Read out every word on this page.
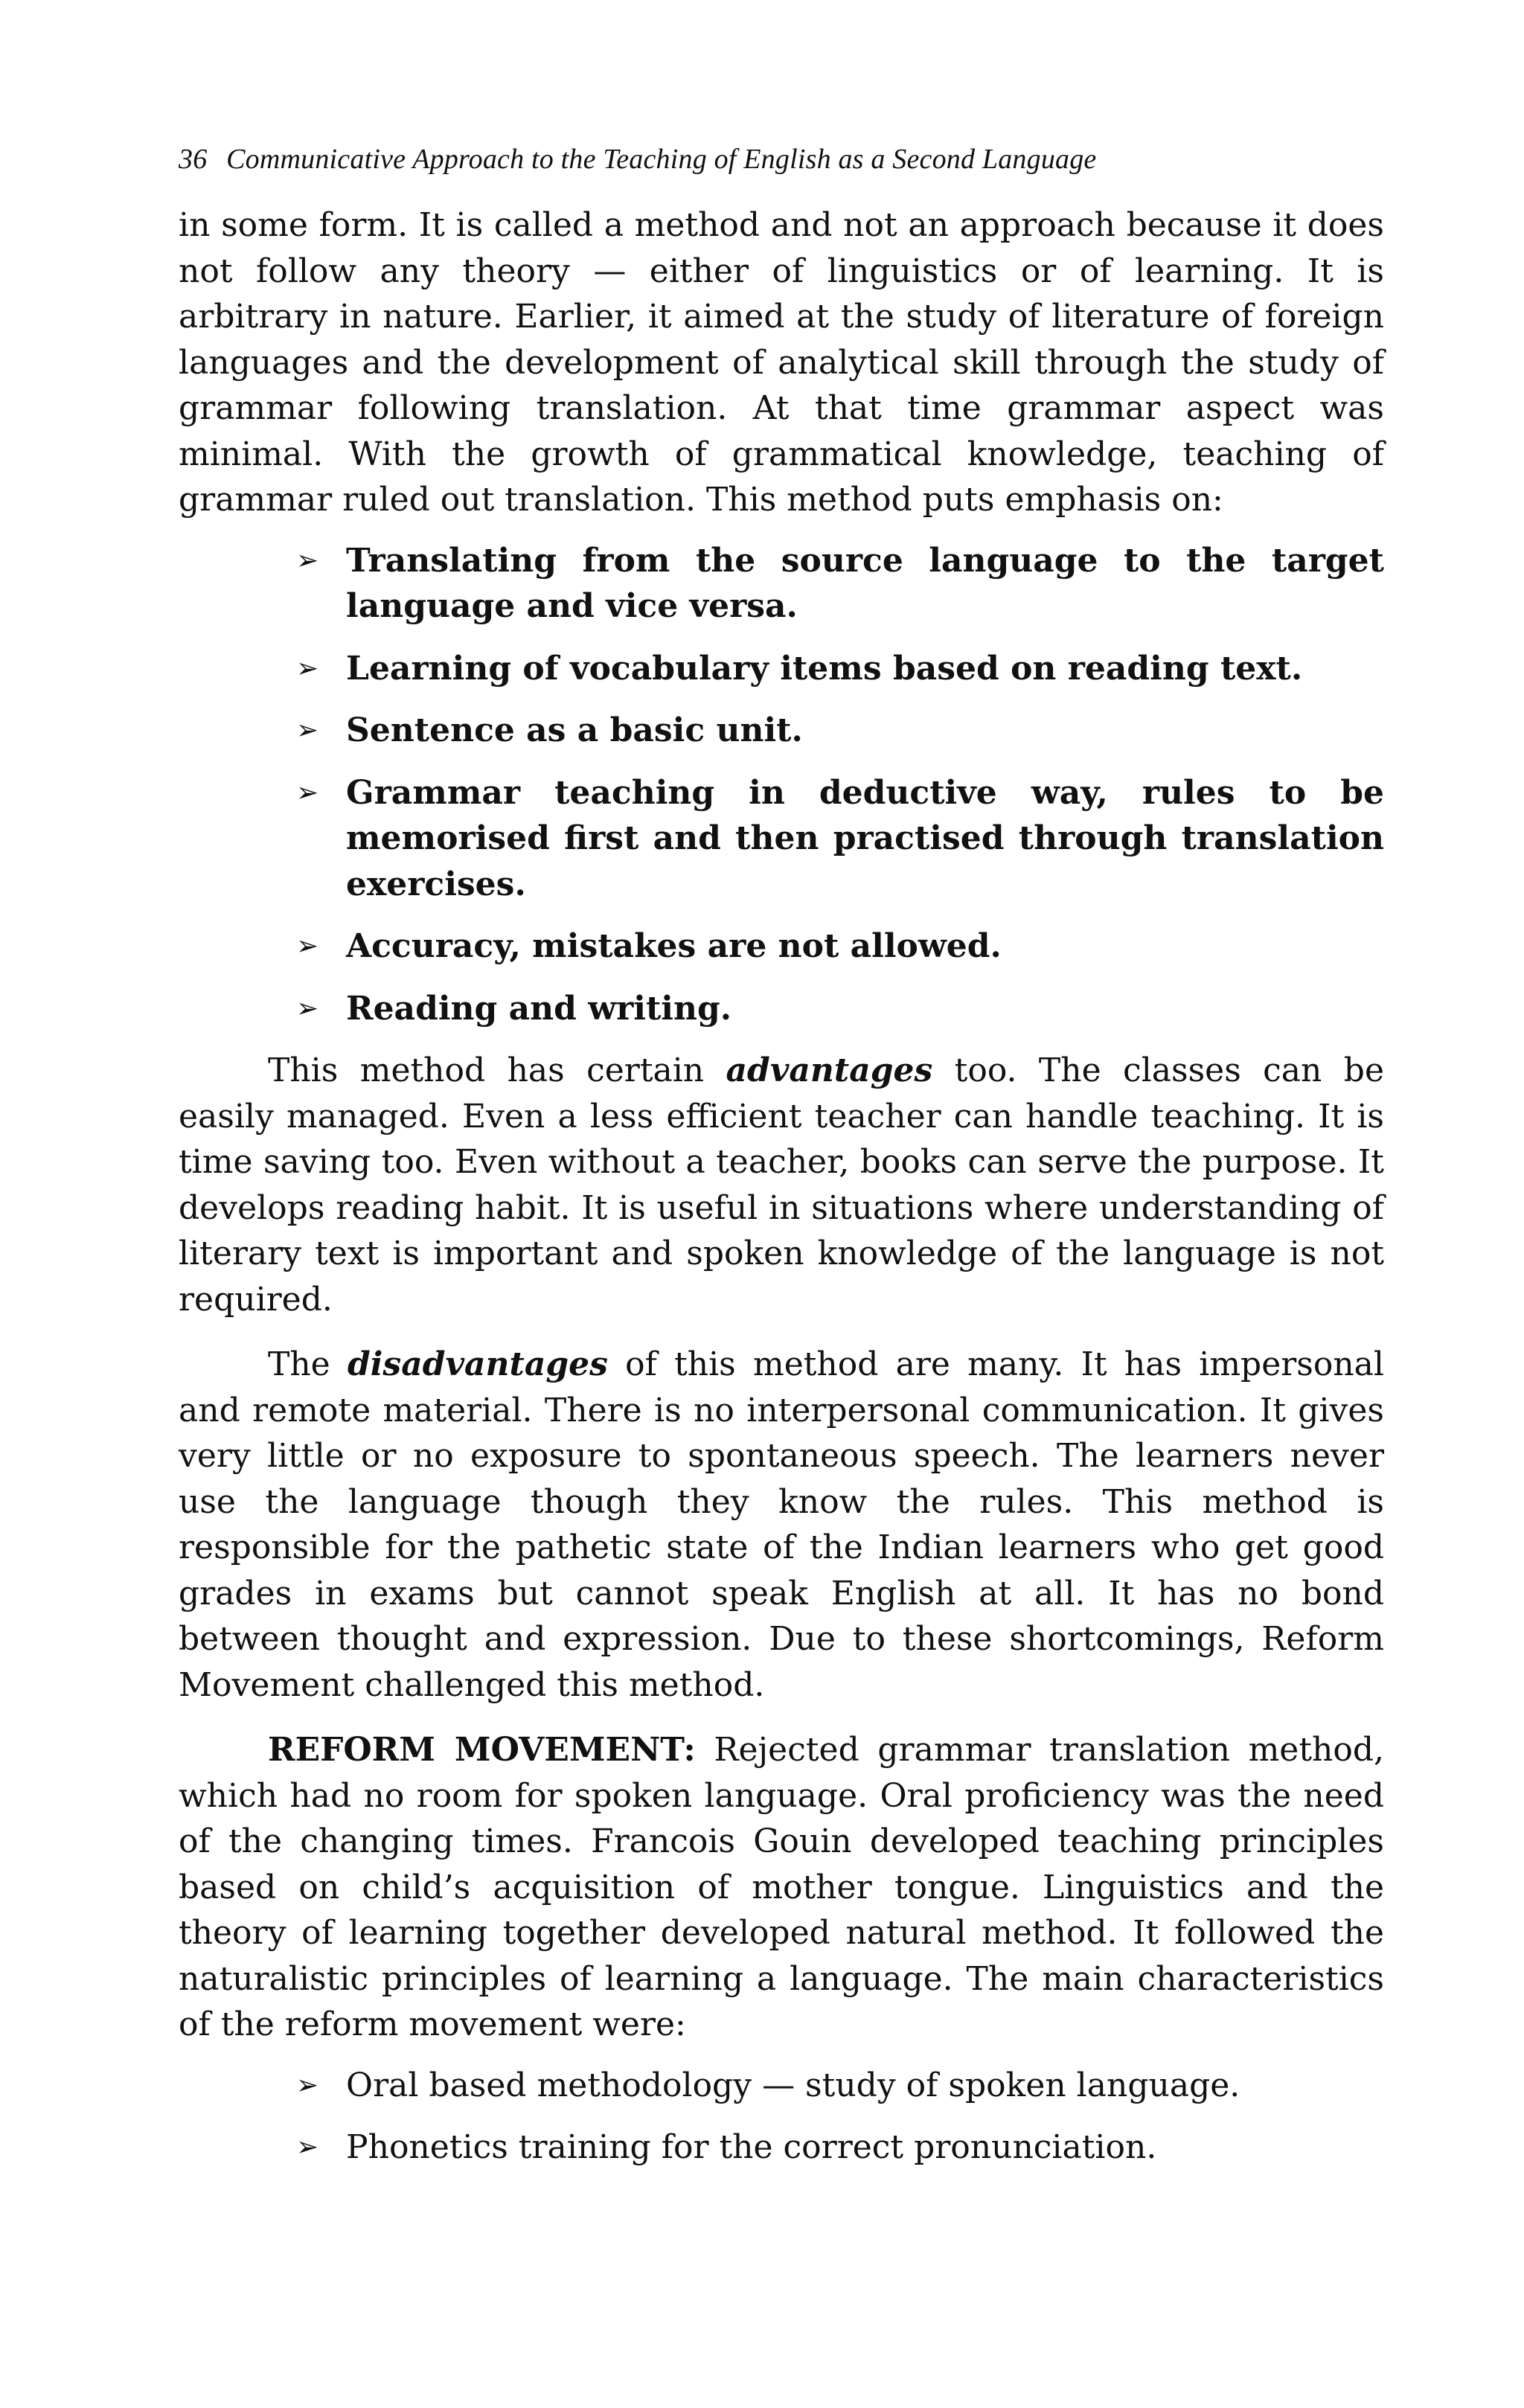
36 Communicative Approach to the Teaching of English as a Second Language

in some form. It is called a method and not an approach because it does not follow any theory — either of linguistics or of learning. It is arbitrary in nature. Earlier, it aimed at the study of literature of foreign languages and the development of analytical skill through the study of grammar following translation. At that time grammar aspect was minimal. With the growth of grammatical knowledge, teaching of grammar ruled out translation. This method puts emphasis on:

➢ Translating from the source language to the target language and vice versa.
➢ Learning of vocabulary items based on reading text.
➢ Sentence as a basic unit.
➢ Grammar teaching in deductive way, rules to be memorised first and then practised through translation exercises.
➢ Accuracy, mistakes are not allowed.
➢ Reading and writing.

This method has certain advantages too. The classes can be easily managed. Even a less efficient teacher can handle teaching. It is time saving too. Even without a teacher, books can serve the purpose. It develops reading habit. It is useful in situations where understanding of literary text is important and spoken knowledge of the language is not required.

The disadvantages of this method are many. It has impersonal and remote material. There is no interpersonal communication. It gives very little or no exposure to spontaneous speech. The learners never use the language though they know the rules. This method is responsible for the pathetic state of the Indian learners who get good grades in exams but cannot speak English at all. It has no bond between thought and expression. Due to these shortcomings, Reform Movement challenged this method.

REFORM MOVEMENT: Rejected grammar translation method, which had no room for spoken language. Oral proficiency was the need of the changing times. Francois Gouin developed teaching principles based on child’s acquisition of mother tongue. Linguistics and the theory of learning together developed natural method. It followed the naturalistic principles of learning a language. The main characteristics of the reform movement were:

➢ Oral based methodology — study of spoken language.
➢ Phonetics training for the correct pronunciation.
